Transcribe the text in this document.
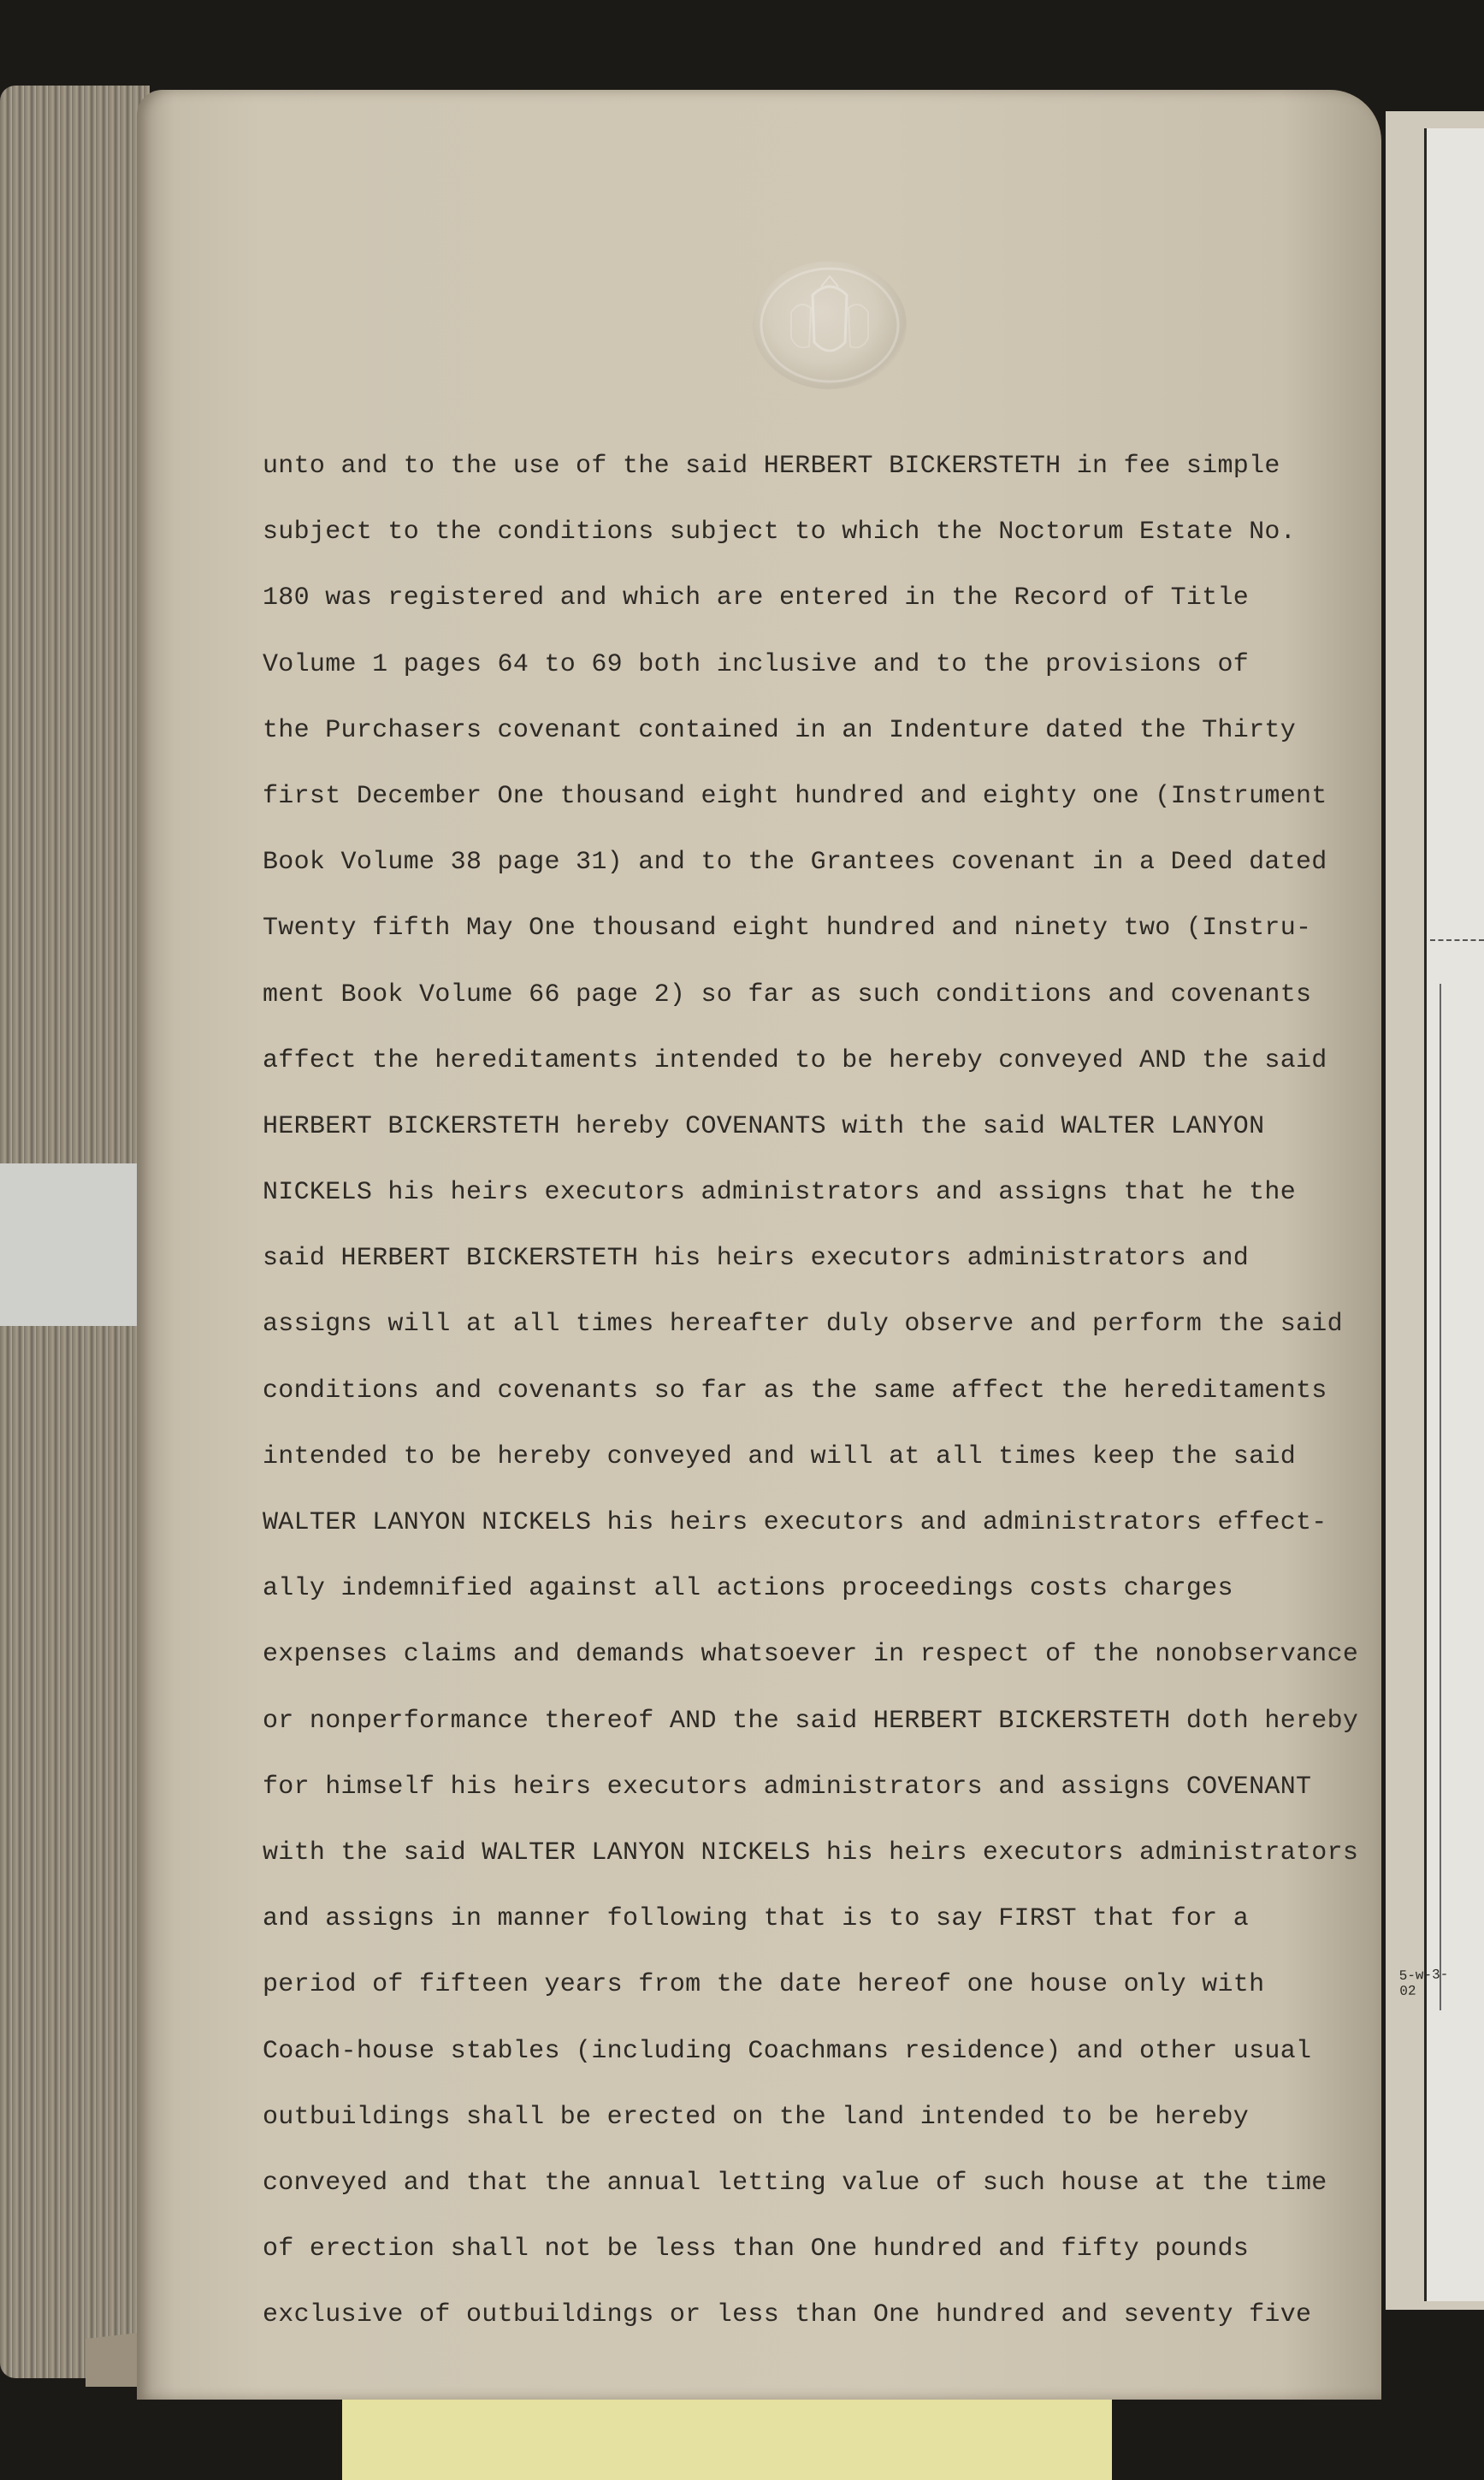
5-w-3-02
unto and to the use of the said HERBERT BICKERSTETH in fee simple
subject to the conditions subject to which the Noctorum Estate No.
180 was registered and which are entered in the Record of Title
Volume 1 pages 64 to 69 both inclusive and to the provisions of
the Purchasers covenant contained in an Indenture dated the Thirty
first December One thousand eight hundred and eighty one (Instrument
Book Volume 38 page 31) and to the Grantees covenant in a Deed dated
Twenty fifth May One thousand eight hundred and ninety two (Instru-
ment Book Volume 66 page 2) so far as such conditions and covenants
affect the hereditaments intended to be hereby conveyed AND the said
HERBERT BICKERSTETH hereby COVENANTS with the said WALTER LANYON
NICKELS his heirs executors administrators and assigns that he the
said HERBERT BICKERSTETH his heirs executors administrators and
assigns will at all times hereafter duly observe and perform the said
conditions and covenants so far as the same affect the hereditaments
intended to be hereby conveyed and will at all times keep the said
WALTER LANYON NICKELS his heirs executors and administrators effect-
ally indemnified against all actions proceedings costs charges
expenses claims and demands whatsoever in respect of the nonobservance
or nonperformance thereof AND the said HERBERT BICKERSTETH doth hereby
for himself his heirs executors administrators and assigns COVENANT
with the said WALTER LANYON NICKELS his heirs executors administrators
and assigns in manner following that is to say FIRST that for a
period of fifteen years from the date hereof one house only with
Coach-house stables (including Coachmans residence) and other usual
outbuildings shall be erected on the land intended to be hereby
conveyed and that the annual letting value of such house at the time
of erection shall not be less than One hundred and fifty pounds
exclusive of outbuildings or less than One hundred and seventy five
